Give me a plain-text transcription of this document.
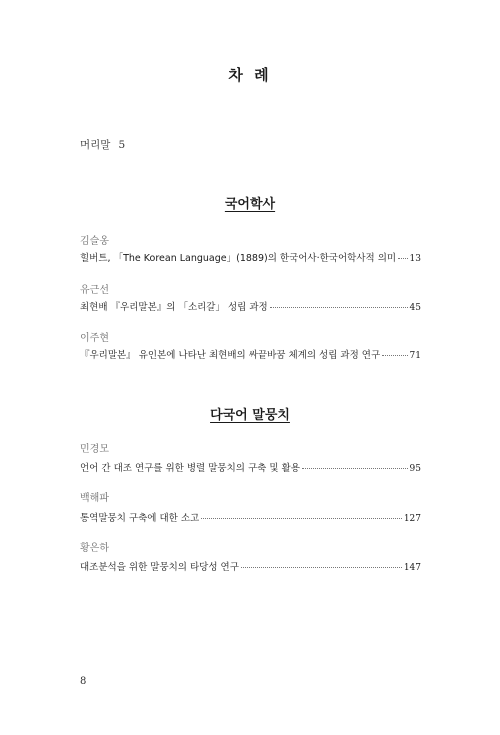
차 례
머리말 5
국어학사
김슬옹
힐버트, 「The Korean Language」(1889)의 한국어사·한국어학사적 의미 13
유근선
최현배 『우리말본』의 「소리갈」 성립 과정	45
이주현
『우리말본』 유인본에 나타난 최현배의 싸끝바꿈 체계의 성립 과정 연구	71
다국어 말뭉치
민경모
언어 간 대조 연구를 위한 병렬 말뭉치의 구축 및 활용	95
백해파
통역말뭉치 구축에 대한 소고	127
황은하
대조분석을 위한 말뭉치의 타당성 연구	147
8
